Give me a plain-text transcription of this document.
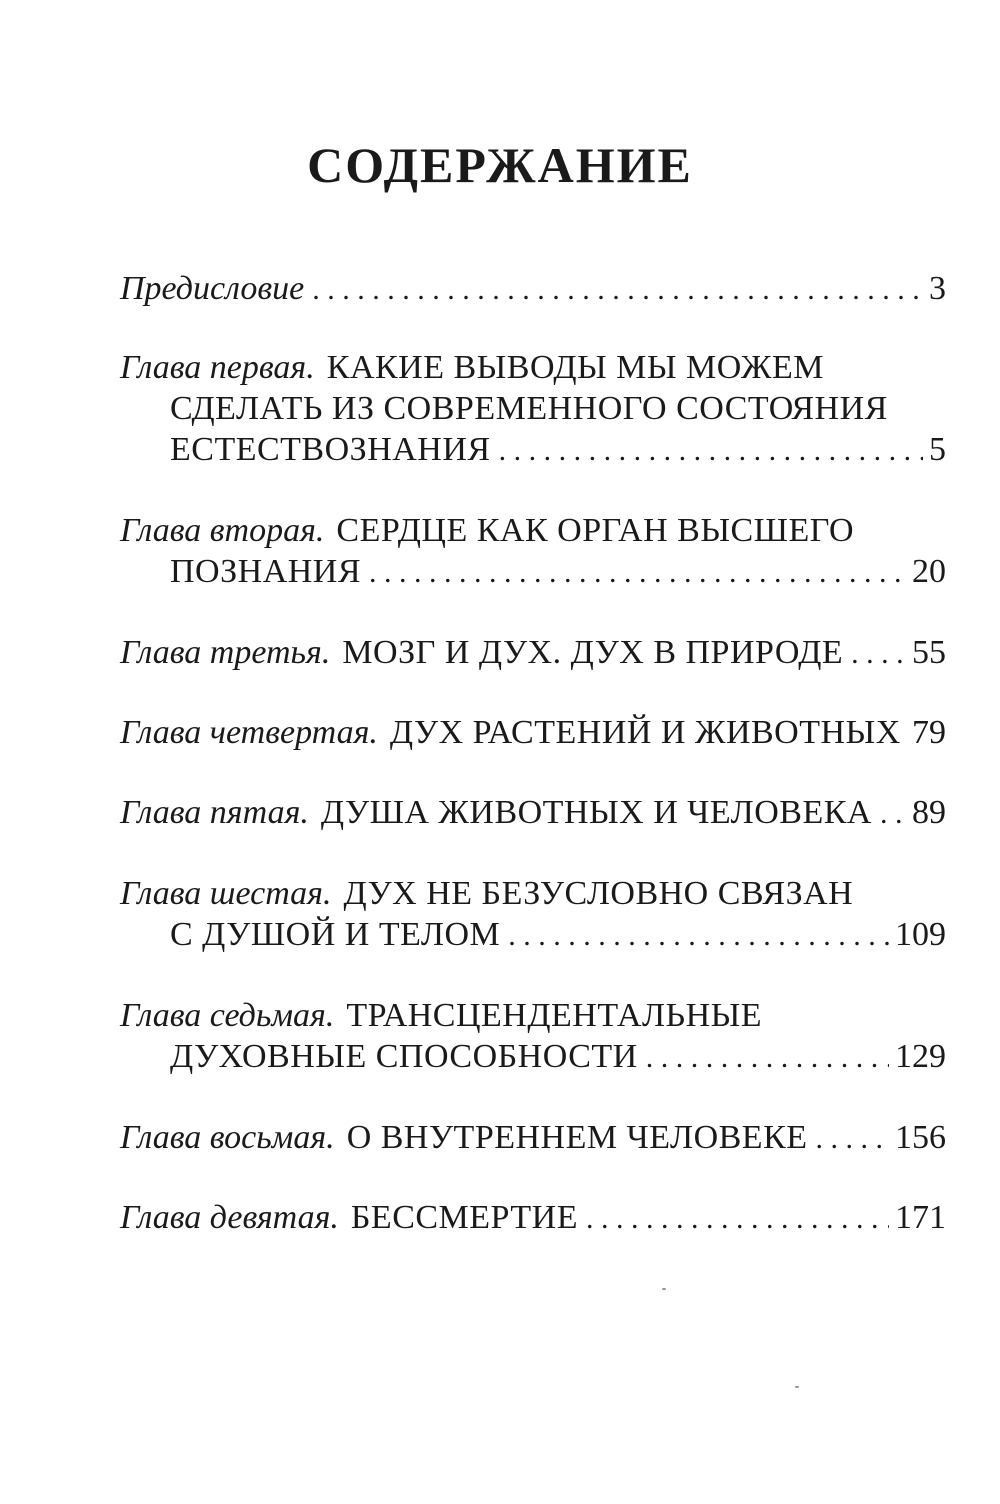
СОДЕРЖАНИЕ
Предисловие . . .	3
Глава первая. КАКИЕ ВЫВОДЫ МЫ МОЖЕМ
СДЕЛАТЬ ИЗ СОВРЕМЕННОГО СОСТОЯНИЯ
ЕСТЕСТВОЗНАНИЯ . . .	5
Глава вторая. СЕРДЦЕ КАК ОРГАН ВЫСШЕГО
ПОЗНАНИЯ . . .	20
Глава третья. МОЗГ И ДУХ. ДУХ В ПРИРОДЕ . . . 55
Глава четвертая. ДУХ РАСТЕНИЙ И ЖИВОТНЫХ . . . 79
Глава пятая. ДУША ЖИВОТНЫХ И ЧЕЛОВЕКА . . . 89
Глава шестая. ДУХ НЕ БЕЗУСЛОВНО СВЯЗАН
С ДУШОЙ И ТЕЛОМ . . .	109
Глава седьмая. ТРАНСЦЕНДЕНТАЛЬНЫЕ
ДУХОВНЫЕ СПОСОБНОСТИ . . .	129
Глава восьмая. О ВНУТРЕННЕМ ЧЕЛОВЕКЕ . . .	156
Глава девятая. БЕССМЕРТИЕ . . .	171
